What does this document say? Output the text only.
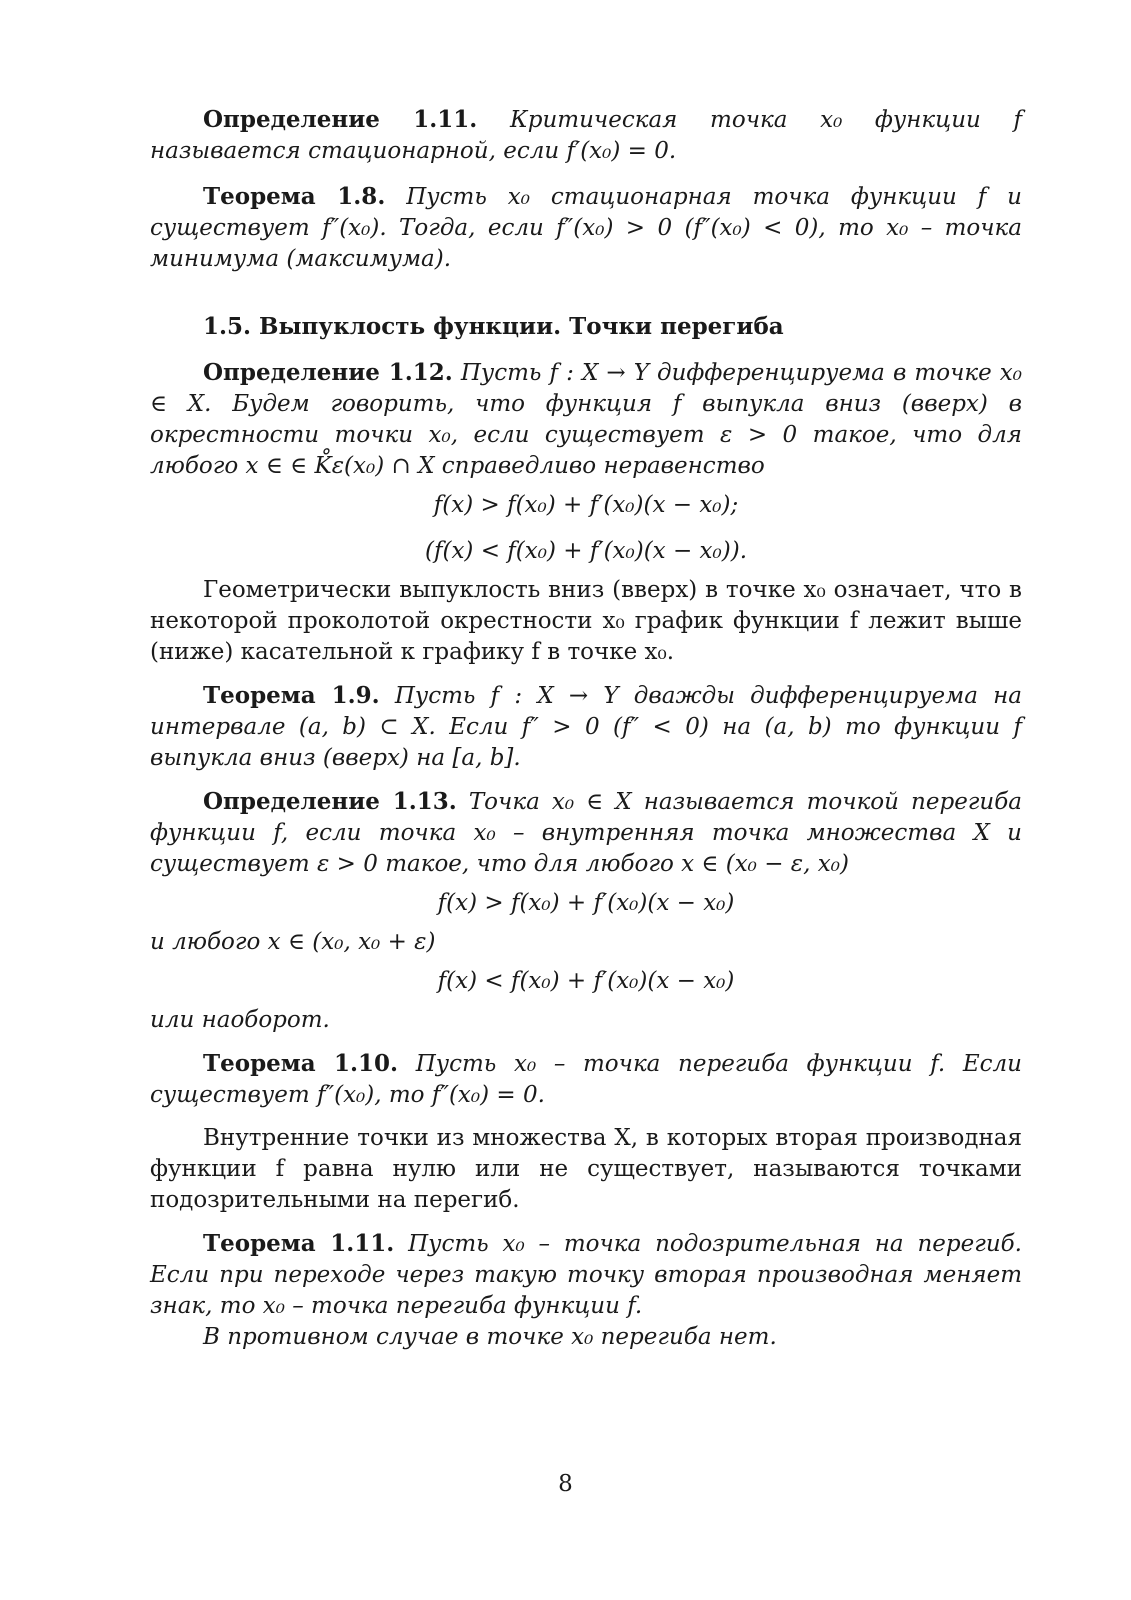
Определение 1.11. Критическая точка x₀ функции f называется стационарной, если f′(x₀) = 0.

Теорема 1.8. Пусть x₀ стационарная точка функции f и существует f″(x₀). Тогда, если f″(x₀) > 0 (f″(x₀) < 0), то x₀ – точка минимума (максимума).

1.5. Выпуклость функции. Точки перегиба

Определение 1.12. Пусть f : X → Y дифференцируема в точке x₀ ∈ X. Будем говорить, что функция f выпукла вниз (вверх) в окрестности точки x₀, если существует ε > 0 такое, что для любого x ∈ ∈ K̊ε(x₀) ∩ X справедливо неравенство

f(x) > f(x₀) + f′(x₀)(x − x₀);
(f(x) < f(x₀) + f′(x₀)(x − x₀)).

Геометрически выпуклость вниз (вверх) в точке x₀ означает, что в некоторой проколотой окрестности x₀ график функции f лежит выше (ниже) касательной к графику f в точке x₀.

Теорема 1.9. Пусть f : X → Y дважды дифференцируема на интервале (a, b) ⊂ X. Если f″ > 0 (f″ < 0) на (a, b) то функции f выпукла вниз (вверх) на [a, b].

Определение 1.13. Точка x₀ ∈ X называется точкой перегиба функции f, если точка x₀ – внутренняя точка множества X и существует ε > 0 такое, что для любого x ∈ (x₀ − ε, x₀)

f(x) > f(x₀) + f′(x₀)(x − x₀)

и любого x ∈ (x₀, x₀ + ε)

f(x) < f(x₀) + f′(x₀)(x − x₀)

или наоборот.

Теорема 1.10. Пусть x₀ – точка перегиба функции f. Если существует f″(x₀), то f″(x₀) = 0.

Внутренние точки из множества X, в которых вторая производная функции f равна нулю или не существует, называются точками подозрительными на перегиб.

Теорема 1.11. Пусть x₀ – точка подозрительная на перегиб. Если при переходе через такую точку вторая производная меняет знак, то x₀ – точка перегиба функции f.

В противном случае в точке x₀ перегиба нет.

8
